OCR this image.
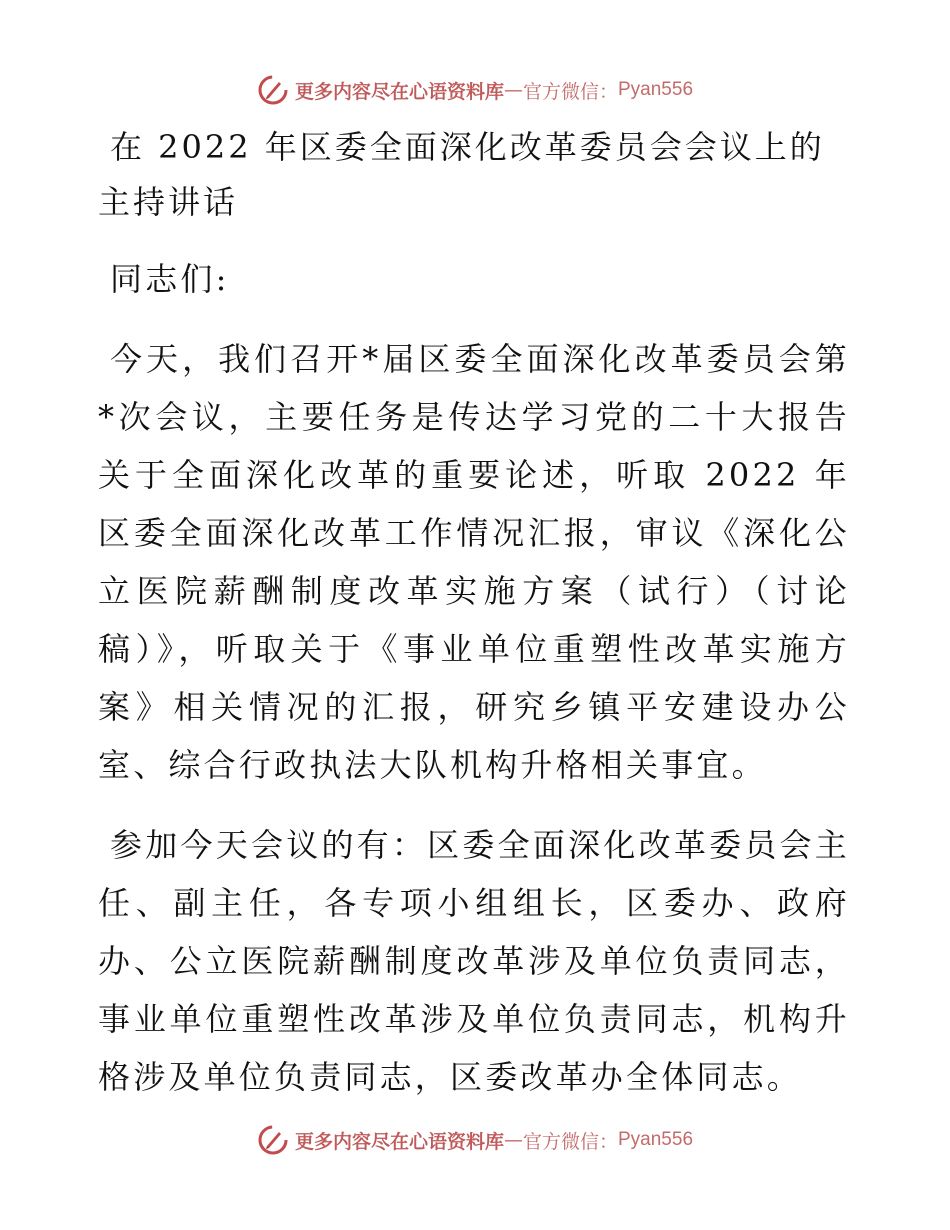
更多内容尽在心语资料库 — 官方微信： Pyan556
在 2022 年区委全面深化改革委员会会议上的主持讲话

同志们:

今天，我们召开*届区委全面深化改革委员会第*次会议，主要任务是传达学习党的二十大报告关于全面深化改革的重要论述，听取 2022 年区委全面深化改革工作情况汇报，审议《深化公立医院薪酬制度改革实施方案（试行）（讨论稿）》，听取关于《事业单位重塑性改革实施方案》相关情况的汇报，研究乡镇平安建设办公室、综合行政执法大队机构升格相关事宜。

参加今天会议的有：区委全面深化改革委员会主任、副主任，各专项小组组长，区委办、政府办、公立医院薪酬制度改革涉及单位负责同志，事业单位重塑性改革涉及单位负责同志，机构升格涉及单位负责同志，区委改革办全体同志。

更多内容尽在心语资料库 — 官方微信： Pyan556
